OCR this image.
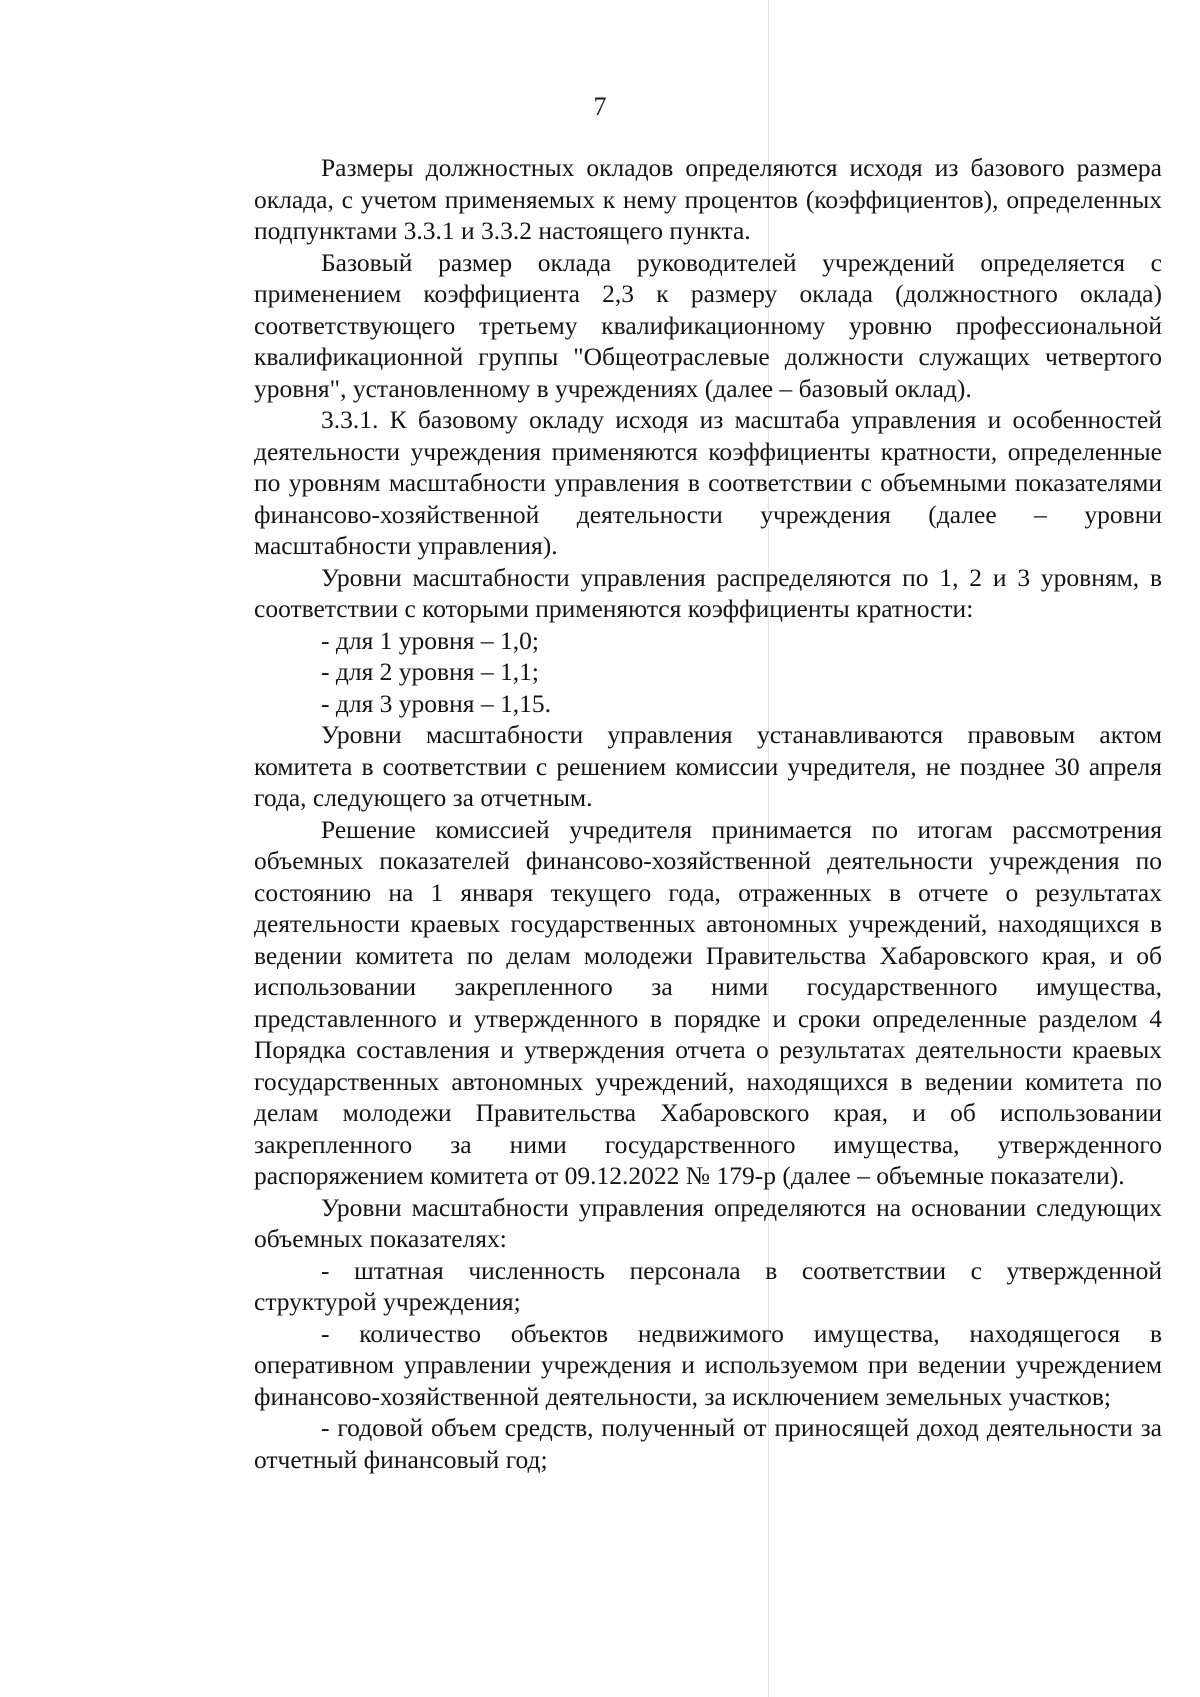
7

Размеры должностных окладов определяются исходя из базового размера оклада, с учетом применяемых к нему процентов (коэффициентов), определенных подпунктами 3.3.1 и 3.3.2 настоящего пункта.

Базовый размер оклада руководителей учреждений определяется с применением коэффициента 2,3 к размеру оклада (должностного оклада) соответствующего третьему квалификационному уровню профессиональной квалификационной группы "Общеотраслевые должности служащих четвертого уровня", установленному в учреждениях (далее – базовый оклад).

3.3.1. К базовому окладу исходя из масштаба управления и особенностей деятельности учреждения применяются коэффициенты кратности, определенные по уровням масштабности управления в соответствии с объемными показателями финансово-хозяйственной деятельности учреждения (далее – уровни масштабности управления).

Уровни масштабности управления распределяются по 1, 2 и 3 уровням, в соответствии с которыми применяются коэффициенты кратности:

- для 1 уровня – 1,0;

- для 2 уровня – 1,1;

- для 3 уровня – 1,15.

Уровни масштабности управления устанавливаются правовым актом комитета в соответствии с решением комиссии учредителя, не позднее 30 апреля года, следующего за отчетным.

Решение комиссией учредителя принимается по итогам рассмотрения объемных показателей финансово-хозяйственной деятельности учреждения по состоянию на 1 января текущего года, отраженных в отчете о результатах деятельности краевых государственных автономных учреждений, находящихся в ведении комитета по делам молодежи Правительства Хабаровского края, и об использовании закрепленного за ними государственного имущества, представленного и утвержденного в порядке и сроки определенные разделом 4 Порядка составления и утверждения отчета о результатах деятельности краевых государственных автономных учреждений, находящихся в ведении комитета по делам молодежи Правительства Хабаровского края, и об использовании закрепленного за ними государственного имущества, утвержденного распоряжением комитета от 09.12.2022 № 179-р (далее – объемные показатели).

Уровни масштабности управления определяются на основании следующих объемных показателях:

- штатная численность персонала в соответствии с утвержденной структурой учреждения;

- количество объектов недвижимого имущества, находящегося в оперативном управлении учреждения и используемом при ведении учреждением финансово-хозяйственной деятельности, за исключением земельных участков;

- годовой объем средств, полученный от приносящей доход деятельности за отчетный финансовый год;
